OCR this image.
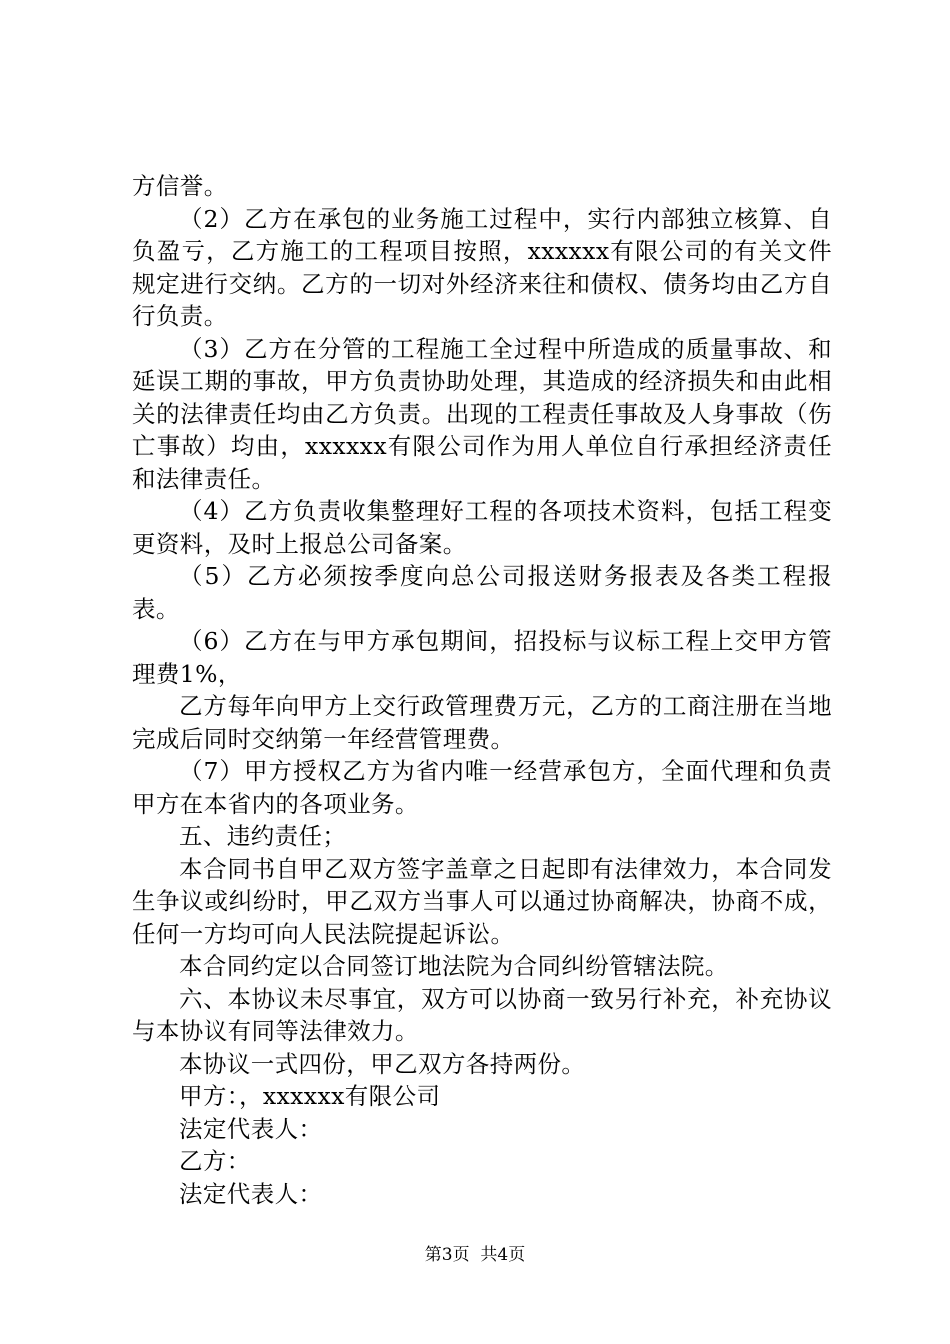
方信誉。

（2）乙方在承包的业务施工过程中，实行内部独立核算、自负盈亏，乙方施工的工程项目按照，xxxxxx有限公司的有关文件规定进行交纳。乙方的一切对外经济来往和债权、债务均由乙方自行负责。

（3）乙方在分管的工程施工全过程中所造成的质量事故、和延误工期的事故，甲方负责协助处理，其造成的经济损失和由此相关的法律责任均由乙方负责。出现的工程责任事故及人身事故（伤亡事故）均由，xxxxxx有限公司作为用人单位自行承担经济责任和法律责任。

（4）乙方负责收集整理好工程的各项技术资料，包括工程变更资料，及时上报总公司备案。

（5）乙方必须按季度向总公司报送财务报表及各类工程报表。

（6）乙方在与甲方承包期间，招投标与议标工程上交甲方管理费1%，

乙方每年向甲方上交行政管理费万元，乙方的工商注册在当地完成后同时交纳第一年经营管理费。

（7）甲方授权乙方为省内唯一经营承包方，全面代理和负责甲方在本省内的各项业务。

五、违约责任；

本合同书自甲乙双方签字盖章之日起即有法律效力，本合同发生争议或纠纷时，甲乙双方当事人可以通过协商解决，协商不成，任何一方均可向人民法院提起诉讼。

本合同约定以合同签订地法院为合同纠纷管辖法院。

六、本协议未尽事宜，双方可以协商一致另行补充，补充协议与本协议有同等法律效力。

本协议一式四份，甲乙双方各持两份。

甲方：，xxxxxx有限公司

法定代表人：

乙方：

法定代表人：

第3页  共4页
